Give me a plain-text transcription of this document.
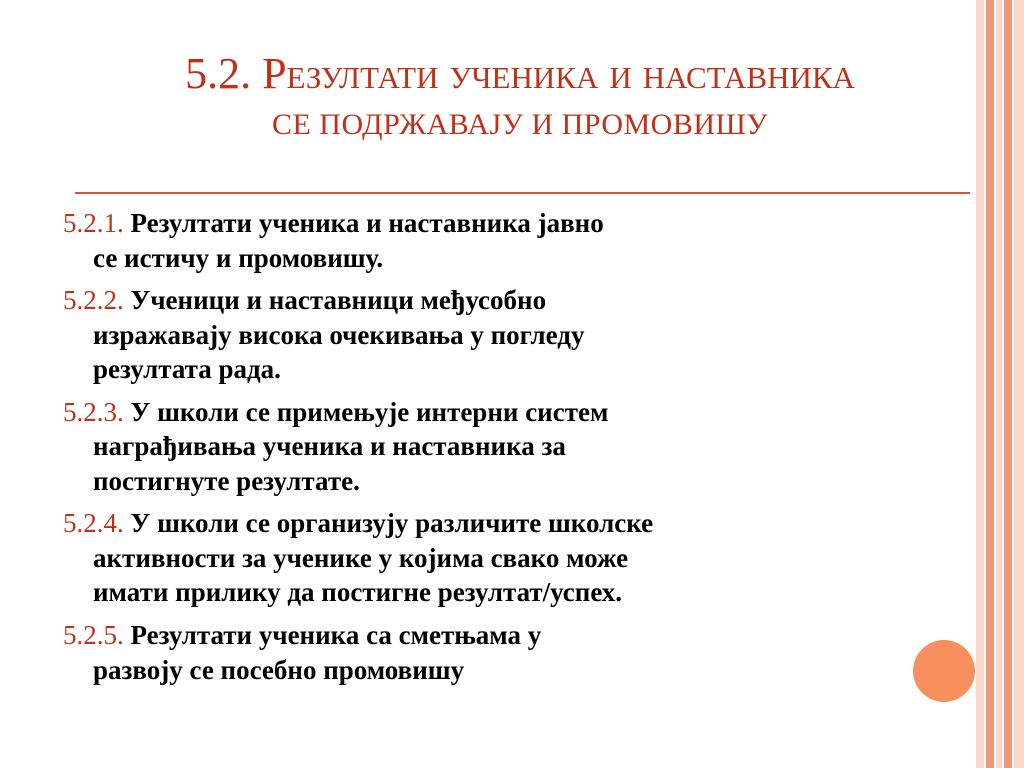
5.2. Резултати ученика и наставника
СЕ ПОДРЖАВАЈУ И ПРОМОВИШУ
5.2.1. Резултати ученика и наставника јавно
се истичу и промовишу.
5.2.2. Ученици и наставници међусобно
изражавају висока очекивања у погледу
резултата рада.
5.2.3. У школи се примењује интерни систем
награђивања ученика и наставника за
постигнуте резултате.
5.2.4. У школи се организују различите школске
активности за ученике у којима свако може
имати прилику да постигне резултат/успех.
5.2.5. Резултати ученика са сметњама у
развоју се посебно промовишу
